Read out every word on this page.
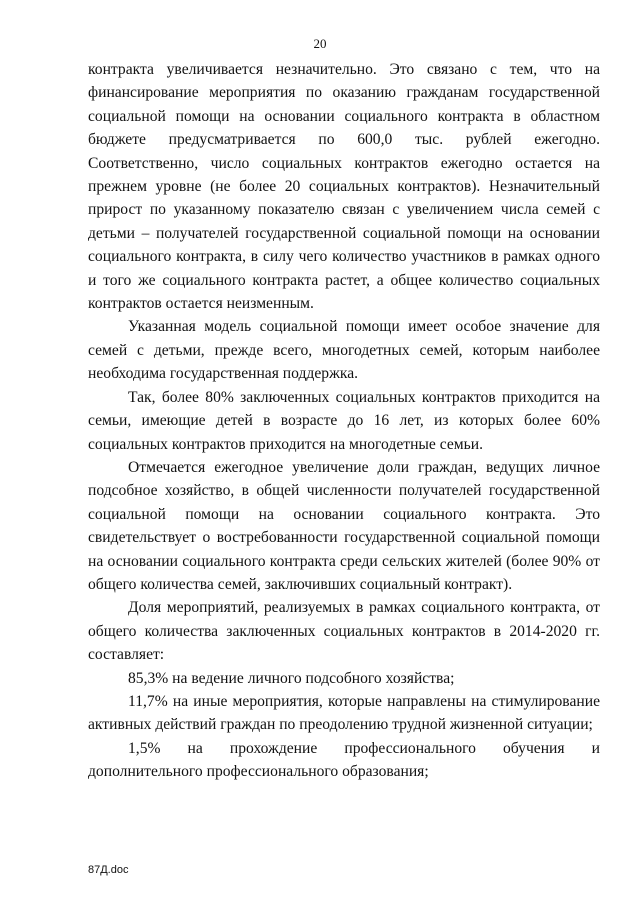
20

контракта увеличивается незначительно. Это связано с тем, что на финансирование мероприятия по оказанию гражданам государственной социальной помощи на основании социального контракта в областном бюджете предусматривается по 600,0 тыс. рублей ежегодно. Соответственно, число социальных контрактов ежегодно остается на прежнем уровне (не более 20 социальных контрактов). Незначительный прирост по указанному показателю связан с увеличением числа семей с детьми – получателей государственной социальной помощи на основании социального контракта, в силу чего количество участников в рамках одного и того же социального контракта растет, а общее количество социальных контрактов остается неизменным.

Указанная модель социальной помощи имеет особое значение для семей с детьми, прежде всего, многодетных семей, которым наиболее необходима государственная поддержка.

Так, более 80% заключенных социальных контрактов приходится на семьи, имеющие детей в возрасте до 16 лет, из которых более 60% социальных контрактов приходится на многодетные семьи.

Отмечается ежегодное увеличение доли граждан, ведущих личное подсобное хозяйство, в общей численности получателей государственной социальной помощи на основании социального контракта. Это свидетельствует о востребованности государственной социальной помощи на основании социального контракта среди сельских жителей (более 90% от общего количества семей, заключивших социальный контракт).

Доля мероприятий, реализуемых в рамках социального контракта, от общего количества заключенных социальных контрактов в 2014-2020 гг. составляет:

85,3% на ведение личного подсобного хозяйства;

11,7% на иные мероприятия, которые направлены на стимулирование активных действий граждан по преодолению трудной жизненной ситуации;

1,5% на прохождение профессионального обучения и дополнительного профессионального образования;

87Д.doc
